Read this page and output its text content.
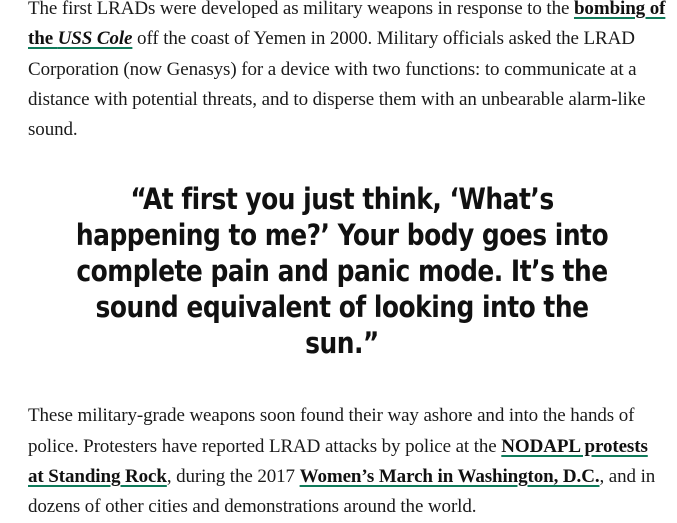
The first LRADs were developed as military weapons in response to the bombing of the USS Cole off the coast of Yemen in 2000. Military officials asked the LRAD Corporation (now Genasys) for a device with two functions: to communicate at a distance with potential threats, and to disperse them with an unbearable alarm-like sound.

“At first you just think, ‘What’s happening to me?’ Your body goes into complete pain and panic mode. It’s the sound equivalent of looking into the sun.”

These military-grade weapons soon found their way ashore and into the hands of police. Protesters have reported LRAD attacks by police at the NODAPL protests at Standing Rock, during the 2017 Women’s March in Washington, D.C., and in dozens of other cities and demonstrations around the world.
